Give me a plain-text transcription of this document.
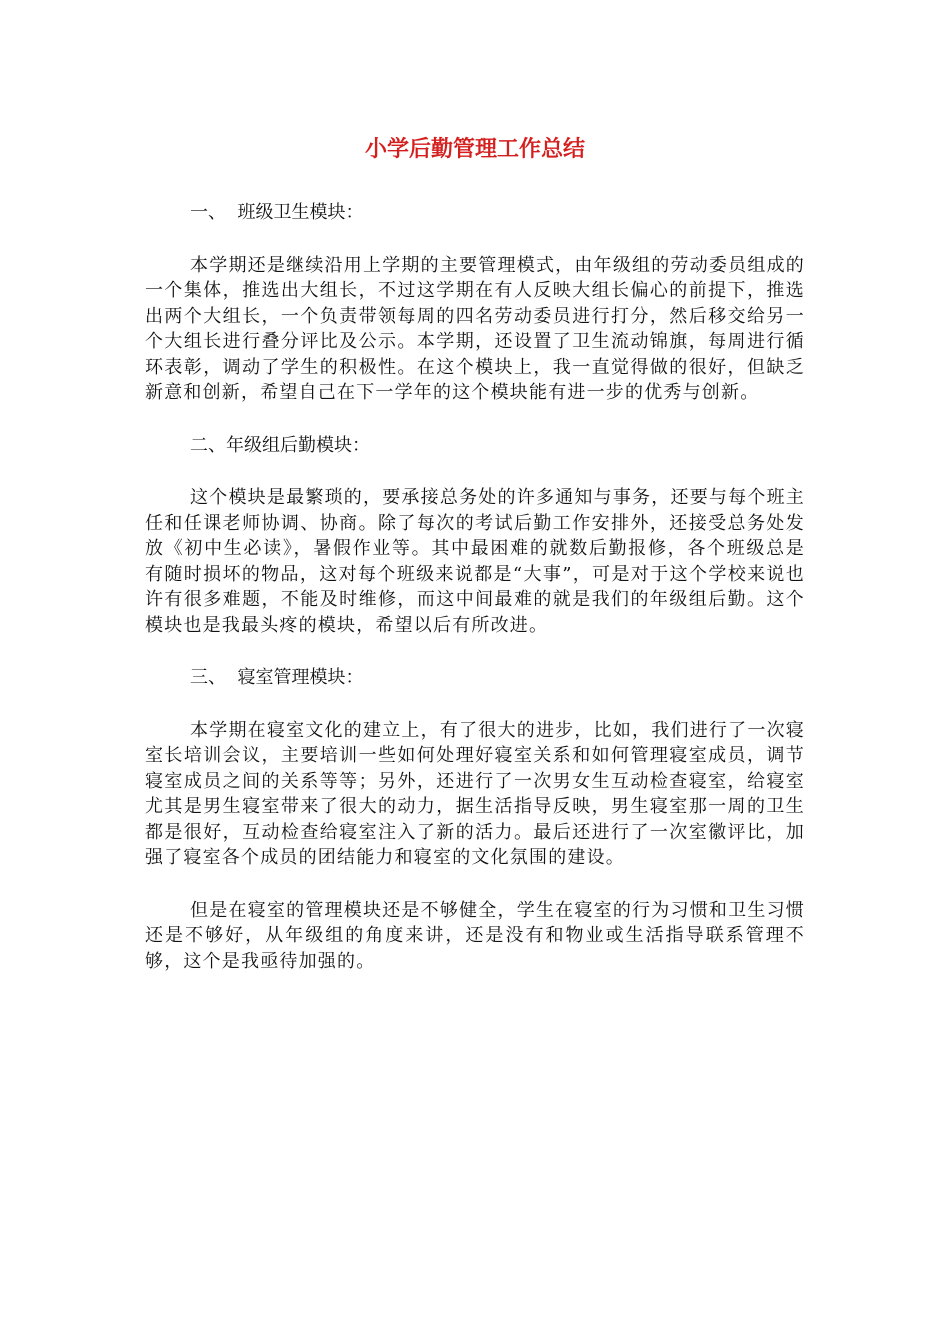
小学后勤管理工作总结

一、  班级卫生模块：

本学期还是继续沿用上学期的主要管理模式，由年级组的劳动委员组成的一个集体，推选出大组长，不过这学期在有人反映大组长偏心的前提下，推选出两个大组长，一个负责带领每周的四名劳动委员进行打分，然后移交给另一个大组长进行叠分评比及公示。本学期，还设置了卫生流动锦旗，每周进行循环表彰，调动了学生的积极性。在这个模块上，我一直觉得做的很好，但缺乏新意和创新，希望自己在下一学年的这个模块能有进一步的优秀与创新。

二、年级组后勤模块：

这个模块是最繁琐的，要承接总务处的许多通知与事务，还要与每个班主任和任课老师协调、协商。除了每次的考试后勤工作安排外，还接受总务处发放《初中生必读》，暑假作业等。其中最困难的就数后勤报修，各个班级总是有随时损坏的物品，这对每个班级来说都是“大事”，可是对于这个学校来说也许有很多难题，不能及时维修，而这中间最难的就是我们的年级组后勤。这个模块也是我最头疼的模块，希望以后有所改进。

三、  寝室管理模块：

本学期在寝室文化的建立上，有了很大的进步，比如，我们进行了一次寝室长培训会议，主要培训一些如何处理好寝室关系和如何管理寝室成员，调节寝室成员之间的关系等等；另外，还进行了一次男女生互动检查寝室，给寝室尤其是男生寝室带来了很大的动力，据生活指导反映，男生寝室那一周的卫生都是很好，互动检查给寝室注入了新的活力。最后还进行了一次室徽评比，加强了寝室各个成员的团结能力和寝室的文化氛围的建设。

但是在寝室的管理模块还是不够健全，学生在寝室的行为习惯和卫生习惯还是不够好，从年级组的角度来讲，还是没有和物业或生活指导联系管理不够，这个是我亟待加强的。
